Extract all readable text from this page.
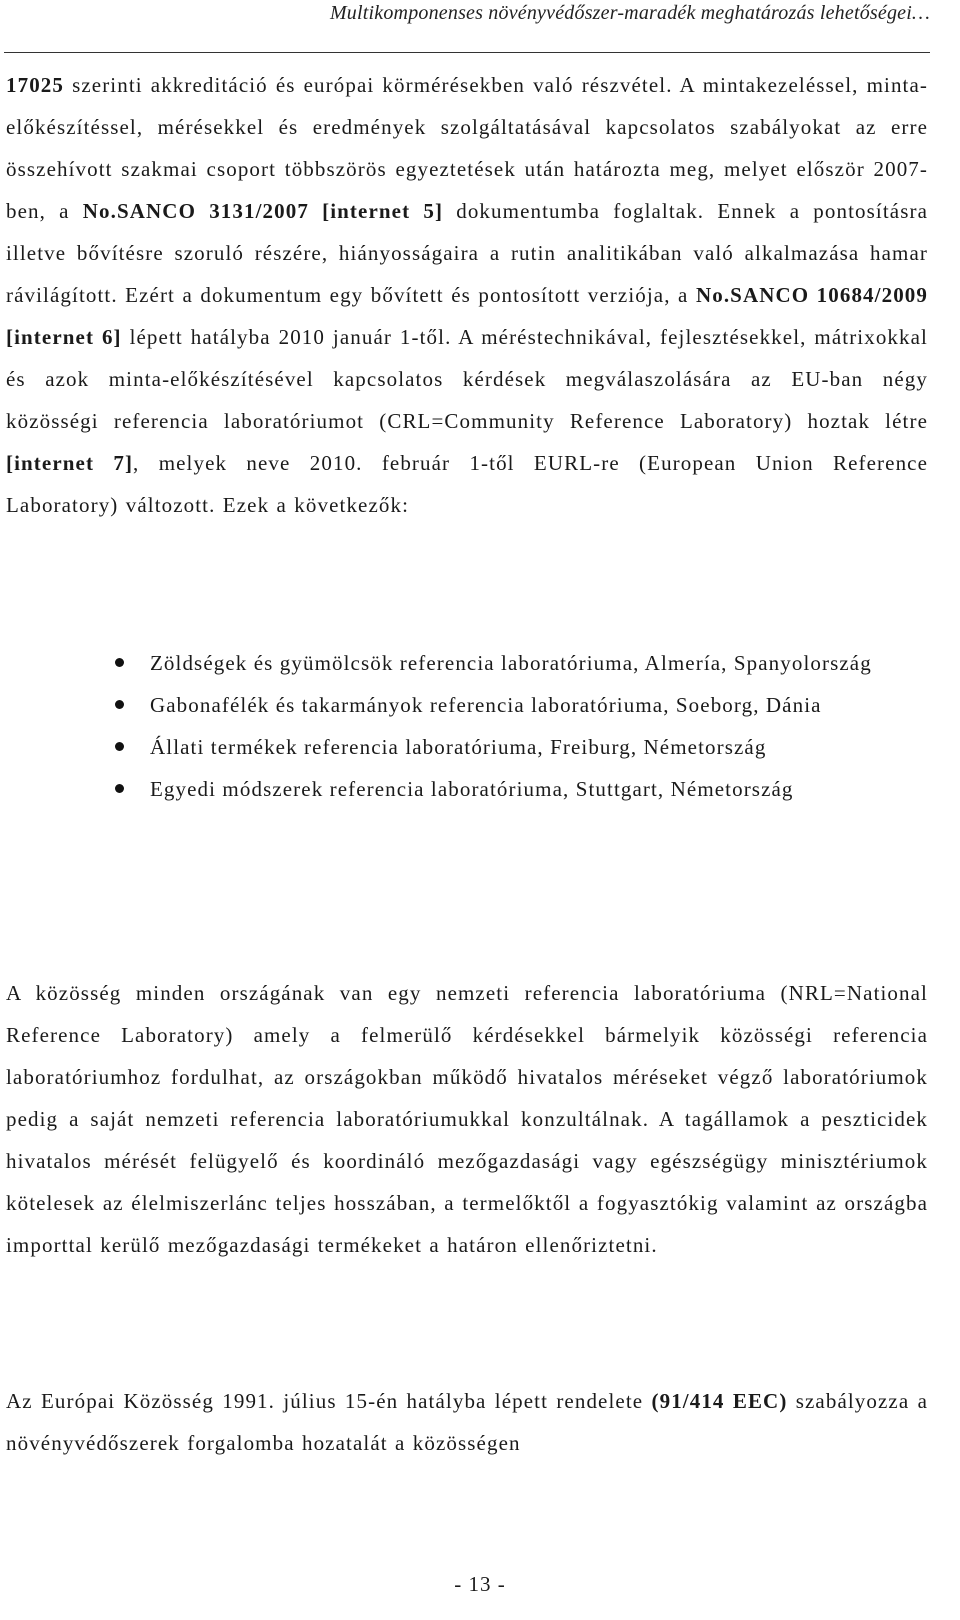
Multikomponenses növényvédőszer-maradék meghatározás lehetőségei…

17025 szerinti akkreditáció és európai körmérésekben való részvétel. A mintakezeléssel, minta-előkészítéssel, mérésekkel és eredmények szolgáltatásával kapcsolatos szabályokat az erre összehívott szakmai csoport többszörös egyeztetések után határozta meg, melyet először 2007-ben, a No.SANCO 3131/2007 [internet 5] dokumentumba foglaltak. Ennek a pontosításra illetve bővítésre szoruló részére, hiányosságaira a rutin analitikában való alkalmazása hamar rávilágított. Ezért a dokumentum egy bővített és pontosított verziója, a No.SANCO 10684/2009 [internet 6] lépett hatályba 2010 január 1-től. A méréstechnikával, fejlesztésekkel, mátrixokkal és azok minta-előkészítésével kapcsolatos kérdések megválaszolására az EU-ban négy közösségi referencia laboratóriumot (CRL=Community Reference Laboratory) hoztak létre [internet 7], melyek neve 2010. február 1-től EURL-re (European Union Reference Laboratory) változott. Ezek a következők:

Zöldségek és gyümölcsök referencia laboratóriuma, Almería, Spanyolország
Gabonafélék és takarmányok referencia laboratóriuma, Soeborg, Dánia
Állati termékek referencia laboratóriuma, Freiburg, Németország
Egyedi módszerek referencia laboratóriuma, Stuttgart, Németország

A közösség minden országának van egy nemzeti referencia laboratóriuma (NRL=National Reference Laboratory) amely a felmerülő kérdésekkel bármelyik közösségi referencia laboratóriumhoz fordulhat, az országokban működő hivatalos méréseket végző laboratóriumok pedig a saját nemzeti referencia laboratóriumukkal konzultálnak. A tagállamok a peszticidek hivatalos mérését felügyelő és koordináló mezőgazdasági vagy egészségügy minisztériumok kötelesek az élelmiszerlánc teljes hosszában, a termelőktől a fogyasztókig valamint az országba importtal kerülő mezőgazdasági termékeket a határon ellenőriztetni.

Az Európai Közösség 1991. július 15-én hatályba lépett rendelete (91/414 EEC) szabályozza a növényvédőszerek forgalomba hozatalát a közösségen

- 13 -
